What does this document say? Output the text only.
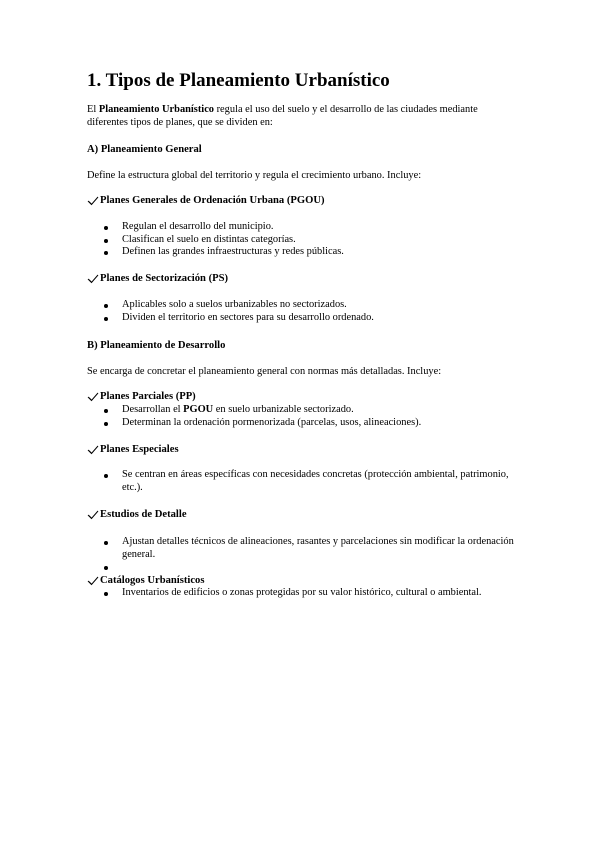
1. Tipos de Planeamiento Urbanístico

El Planeamiento Urbanístico regula el uso del suelo y el desarrollo de las ciudades mediante diferentes tipos de planes, que se dividen en:

A) Planeamiento General

Define la estructura global del territorio y regula el crecimiento urbano. Incluye:

Planes Generales de Ordenación Urbana (PGOU)
Regulan el desarrollo del municipio.
Clasifican el suelo en distintas categorías.
Definen las grandes infraestructuras y redes públicas.
Planes de Sectorización (PS)
Aplicables solo a suelos urbanizables no sectorizados.
Dividen el territorio en sectores para su desarrollo ordenado.
B) Planeamiento de Desarrollo

Se encarga de concretar el planeamiento general con normas más detalladas. Incluye:

Planes Parciales (PP)
Desarrollan el PGOU en suelo urbanizable sectorizado.
Determinan la ordenación pormenorizada (parcelas, usos, alineaciones).
Planes Especiales
Se centran en áreas específicas con necesidades concretas (protección ambiental, patrimonio, etc.).
Estudios de Detalle
Ajustan detalles técnicos de alineaciones, rasantes y parcelaciones sin modificar la ordenación general.
Catálogos Urbanísticos
Inventarios de edificios o zonas protegidas por su valor histórico, cultural o ambiental.
